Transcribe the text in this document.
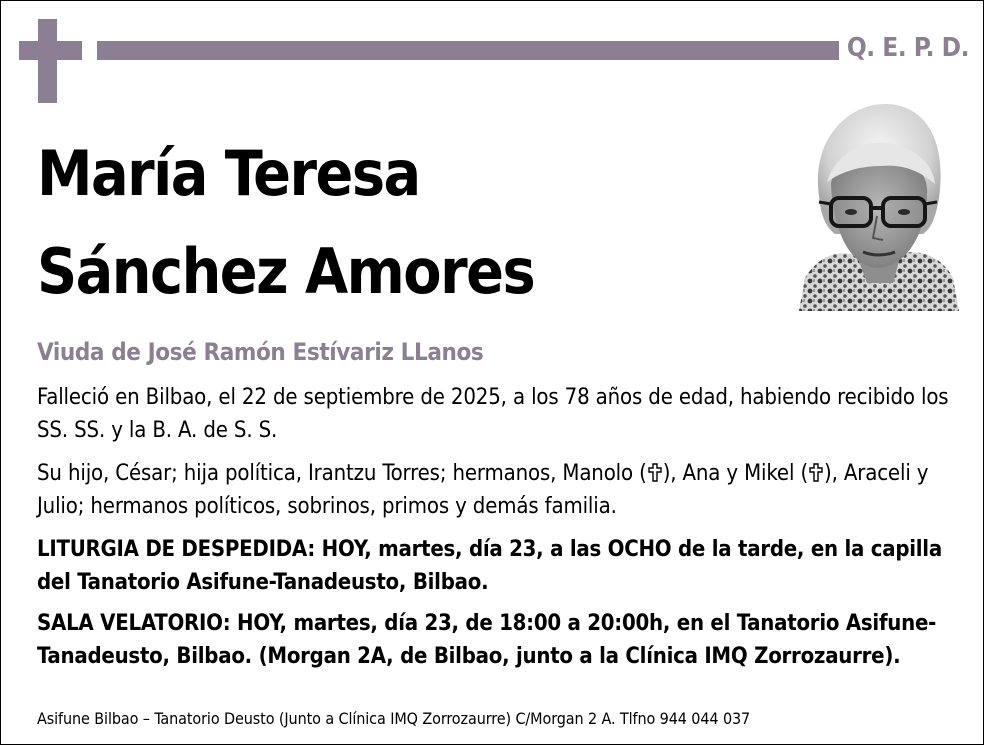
Q. E. P. D.
María Teresa
Sánchez Amores
Viuda de José Ramón Estívariz LLanos
Falleció en Bilbao, el 22 de septiembre de 2025, a los 78 años de edad, habiendo recibido los SS. SS. y la B. A. de S. S.
Su hijo, César; hija política, Irantzu Torres; hermanos, Manolo ( ), Ana y Mikel ( ), Araceli y Julio; hermanos políticos, sobrinos, primos y demás familia.
LITURGIA DE DESPEDIDA: HOY, martes, día 23, a las OCHO de la tarde, en la capilla del Tanatorio Asifune-Tanadeusto, Bilbao.
SALA VELATORIO: HOY, martes, día 23, de 18:00 a 20:00h, en el Tanatorio Asifune-Tanadeusto, Bilbao. (Morgan 2A, de Bilbao, junto a la Clínica IMQ Zorrozaurre).
Asifune Bilbao – Tanatorio Deusto (Junto a Clínica IMQ Zorrozaurre) C/Morgan 2 A. Tlfno 944 044 037
